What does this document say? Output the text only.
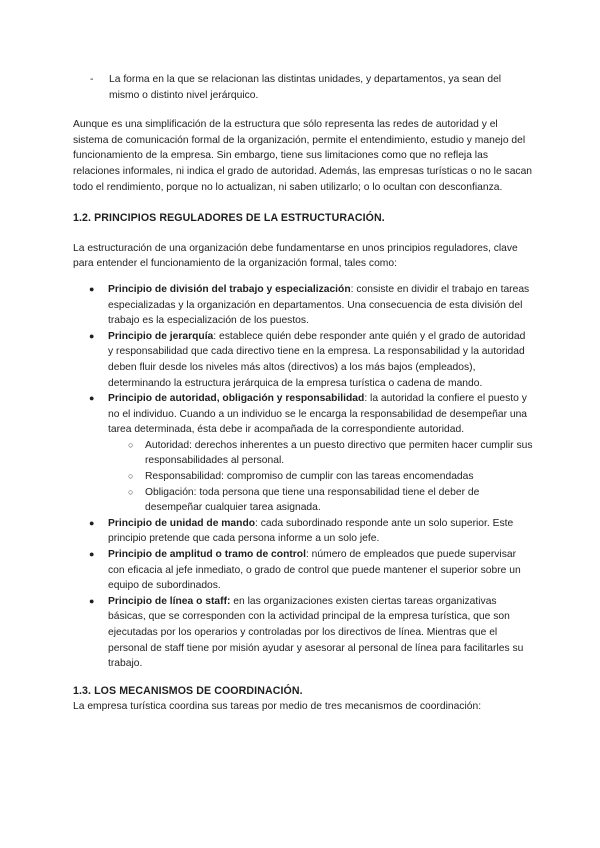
- La forma en la que se relacionan las distintas unidades, y departamentos, ya sean del mismo o distinto nivel jerárquico.

Aunque es una simplificación de la estructura que sólo representa las redes de autoridad y el sistema de comunicación formal de la organización, permite el entendimiento, estudio y manejo del funcionamiento de la empresa. Sin embargo, tiene sus limitaciones como que no refleja las relaciones informales, ni indica el grado de autoridad. Además, las empresas turísticas o no le sacan todo el rendimiento, porque no lo actualizan, ni saben utilizarlo; o lo ocultan con desconfianza.

1.2. PRINCIPIOS REGULADORES DE LA ESTRUCTURACIÓN.

La estructuración de una organización debe fundamentarse en unos principios reguladores, clave para entender el funcionamiento de la organización formal, tales como:

● Principio de división del trabajo y especialización: consiste en dividir el trabajo en tareas especializadas y la organización en departamentos. Una consecuencia de esta división del trabajo es la especialización de los puestos.
● Principio de jerarquía: establece quién debe responder ante quién y el grado de autoridad y responsabilidad que cada directivo tiene en la empresa. La responsabilidad y la autoridad deben fluir desde los niveles más altos (directivos) a los más bajos (empleados), determinando la estructura jerárquica de la empresa turística o cadena de mando.
● Principio de autoridad, obligación y responsabilidad: la autoridad la confiere el puesto y no el individuo. Cuando a un individuo se le encarga la responsabilidad de desempeñar una tarea determinada, ésta debe ir acompañada de la correspondiente autoridad.
○ Autoridad: derechos inherentes a un puesto directivo que permiten hacer cumplir sus responsabilidades al personal.
○ Responsabilidad: compromiso de cumplir con las tareas encomendadas
○ Obligación: toda persona que tiene una responsabilidad tiene el deber de desempeñar cualquier tarea asignada.
● Principio de unidad de mando: cada subordinado responde ante un solo superior. Este principio pretende que cada persona informe a un solo jefe.
● Principio de amplitud o tramo de control: número de empleados que puede supervisar con eficacia al jefe inmediato, o grado de control que puede mantener el superior sobre un equipo de subordinados.
● Principio de línea o staff: en las organizaciones existen ciertas tareas organizativas básicas, que se corresponden con la actividad principal de la empresa turística, que son ejecutadas por los operarios y controladas por los directivos de línea. Mientras que el personal de staff tiene por misión ayudar y asesorar al personal de línea para facilitarles su trabajo.
1.3. LOS MECANISMOS DE COORDINACIÓN.

La empresa turística coordina sus tareas por medio de tres mecanismos de coordinación:
